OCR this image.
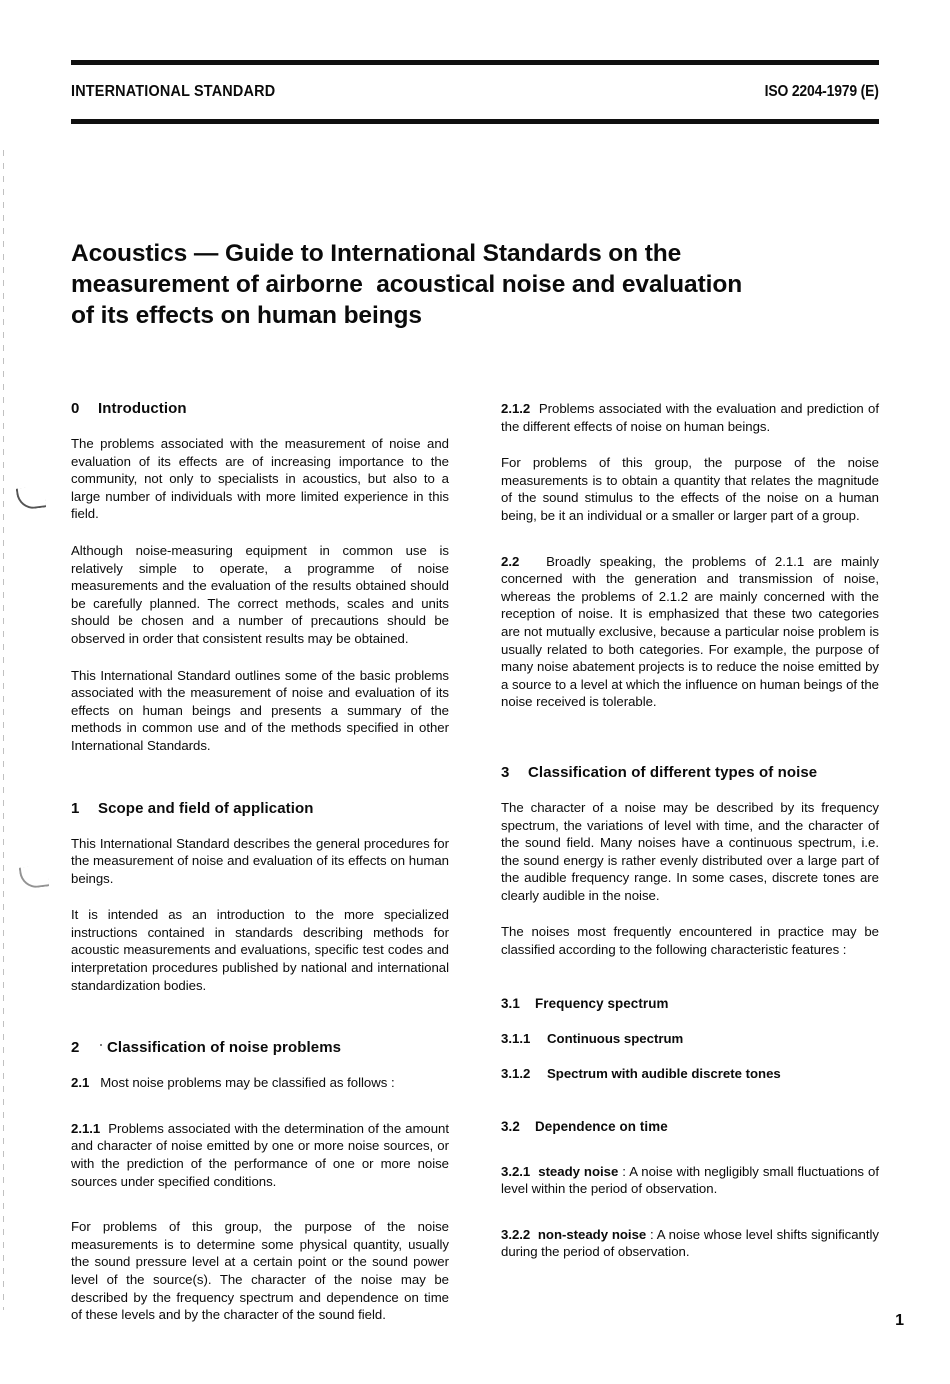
INTERNATIONAL STANDARD	ISO 2204-1979 (E)
Acoustics — Guide to International Standards on the
measurement of airborne  acoustical noise and evaluation
of its effects on human beings
0 Introduction

The problems associated with the measurement of noise and evaluation of its effects are of increasing importance to the community, not only to specialists in acoustics, but also to a large number of individuals with more limited experience in this field.

Although noise-measuring equipment in common use is relatively simple to operate, a programme of noise measurements and the evaluation of the results obtained should be carefully planned. The correct methods, scales and units should be chosen and a number of precautions should be observed in order that consistent results may be obtained.

This International Standard outlines some of the basic problems associated with the measurement of noise and evaluation of its effects on human beings and presents a summary of the methods in common use and of the methods specified in other International Standards.

1 Scope and field of application

This International Standard describes the general procedures for the measurement of noise and evaluation of its effects on human beings.

It is intended as an introduction to the more specialized instructions contained in standards describing methods for acoustic measurements and evaluations, specific test codes and interpretation procedures published by national and international standardization bodies.

2 Classification of noise problems
2.1 Most noise problems may be classified as follows :
2.1.1 Problems associated with the determination of the amount and character of noise emitted by one or more noise sources, or with the prediction of the performance of one or more noise sources under specified conditions.

For problems of this group, the purpose of the noise measurements is to determine some physical quantity, usually the sound pressure level at a certain point or the sound power level of the source(s). The character of the noise may be described by the frequency spectrum and dependence on time of these levels and by the character of the sound field.

2.1.2 Problems associated with the evaluation and prediction of the different effects of noise on human beings.

For problems of this group, the purpose of the noise measurements is to obtain a quantity that relates the magnitude of the sound stimulus to the effects of the noise on a human being, be it an individual or a smaller or larger part of a group.

2.2 Broadly speaking, the problems of 2.1.1 are mainly concerned with the generation and transmission of noise, whereas the problems of 2.1.2 are mainly concerned with the reception of noise. It is emphasized that these two categories are not mutually exclusive, because a particular noise problem is usually related to both categories. For example, the purpose of many noise abatement projects is to reduce the noise emitted by a source to a level at which the influence on human beings of the noise received is tolerable.
3 Classification of different types of noise

The character of a noise may be described by its frequency spectrum, the variations of level with time, and the character of the sound field. Many noises have a continuous spectrum, i.e. the sound energy is rather evenly distributed over a large part of the audible frequency range. In some cases, discrete tones are clearly audible in the noise.

The noises most frequently encountered in practice may be classified according to the following characteristic features :

3.1 Frequency spectrum
3.1.1 Continuous spectrum
3.1.2 Spectrum with audible discrete tones
3.2 Dependence on time
3.2.1 steady noise : A noise with negligibly small fluctuations of level within the period of observation.
3.2.2 non-steady noise : A noise whose level shifts significantly during the period of observation.
1
